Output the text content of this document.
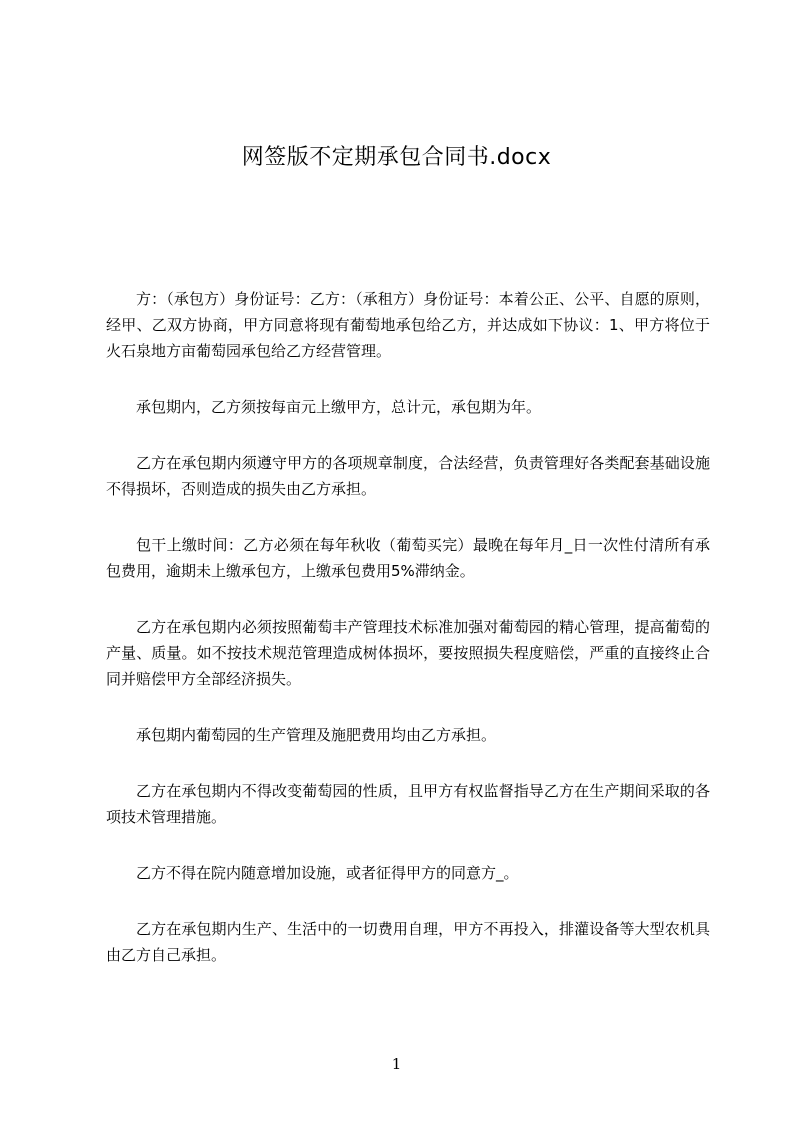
网签版不定期承包合同书.docx

方：（承包方）身份证号：乙方：（承租方）身份证号：本着公正、公平、自愿的原则，经甲、乙双方协商，甲方同意将现有葡萄地承包给乙方，并达成如下协议：1、甲方将位于火石泉地方亩葡萄园承包给乙方经营管理。

承包期内，乙方须按每亩元上缴甲方，总计元，承包期为年。

乙方在承包期内须遵守甲方的各项规章制度，合法经营，负责管理好各类配套基础设施不得损坏，否则造成的损失由乙方承担。

包干上缴时间：乙方必须在每年秋收（葡萄买完）最晚在每年月_日一次性付清所有承包费用，逾期未上缴承包方，上缴承包费用5%滞纳金。

乙方在承包期内必须按照葡萄丰产管理技术标准加强对葡萄园的精心管理，提高葡萄的产量、质量。如不按技术规范管理造成树体损坏，要按照损失程度赔偿，严重的直接终止合同并赔偿甲方全部经济损失。

承包期内葡萄园的生产管理及施肥费用均由乙方承担。

乙方在承包期内不得改变葡萄园的性质，且甲方有权监督指导乙方在生产期间采取的各项技术管理措施。

乙方不得在院内随意增加设施，或者征得甲方的同意方_。

乙方在承包期内生产、生活中的一切费用自理，甲方不再投入，排灌设备等大型农机具由乙方自己承担。

1
